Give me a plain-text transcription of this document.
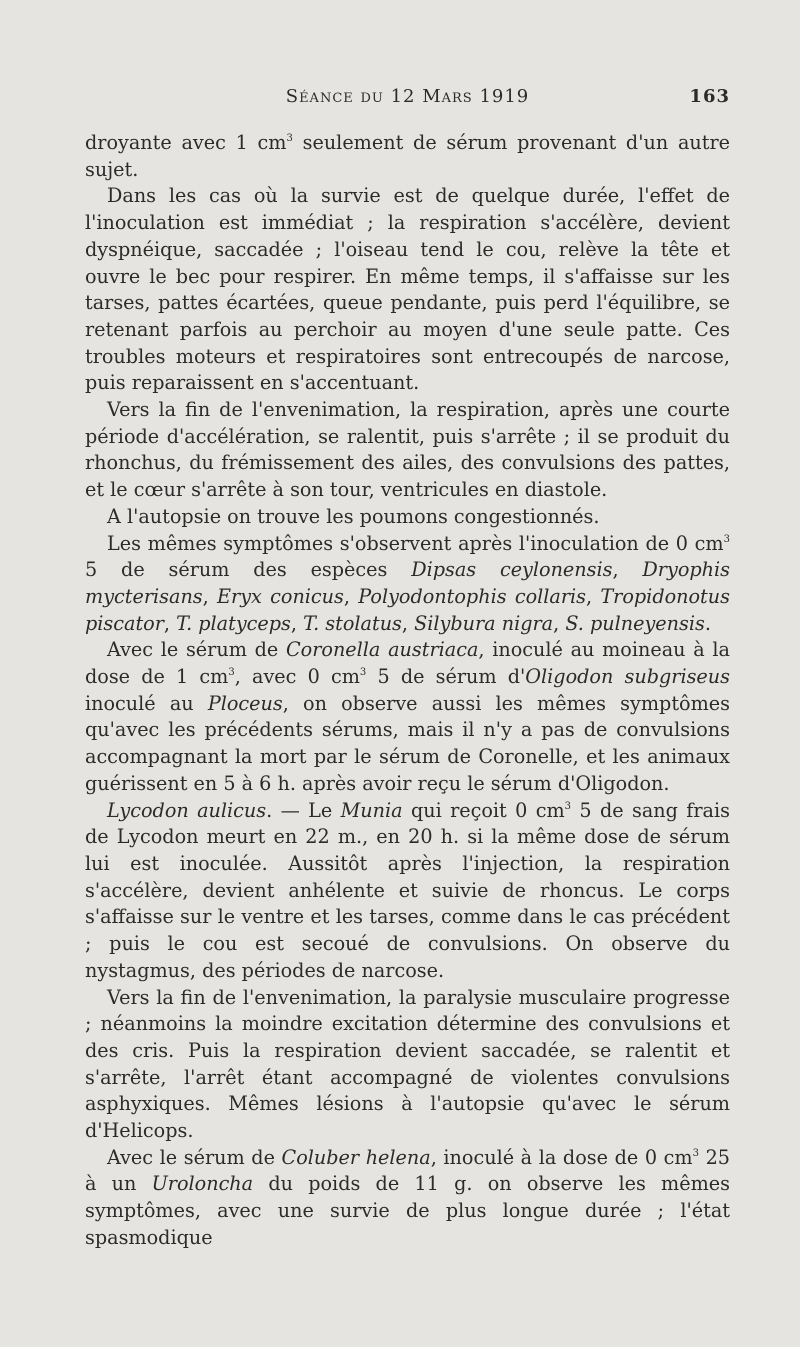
Séance du 12 Mars 1919	163

droyante avec 1 $cm^3$ seulement de sérum provenant d'un autre sujet.

Dans les cas où la survie est de quelque durée, l'effet de l'inoculation est immédiat ; la respiration s'accélère, devient dyspnéique, saccadée ; l'oiseau tend le cou, relève la tête et ouvre le bec pour respirer. En même temps, il s'affaisse sur les tarses, pattes écartées, queue pendante, puis perd l'équilibre, se retenant parfois au perchoir au moyen d'une seule patte. Ces troubles moteurs et respiratoires sont entrecoupés de narcose, puis reparaissent en s'accentuant.

Vers la fin de l'envenimation, la respiration, après une courte période d'accélération, se ralentit, puis s'arrête ; il se produit du rhonchus, du frémissement des ailes, des convulsions des pattes, et le cœur s'arrête à son tour, ventricules en diastole.

A l'autopsie on trouve les poumons congestionnés.

Les mêmes symptômes s'observent après l'inoculation de 0 $cm^3$ 5 de sérum des espèces Dipsas ceylonensis, Dryophis mycterisans, Eryx conicus, Polyodontophis collaris, Tropidonotus piscator, T. platyceps, T. stolatus, Silybura nigra, S. pulneyensis.

Avec le sérum de Coronella austriaca, inoculé au moineau à la dose de 1 $cm^3$, avec 0 $cm^3$ 5 de sérum d'Oligodon subgriseus inoculé au Ploceus, on observe aussi les mêmes symptômes qu'avec les précédents sérums, mais il n'y a pas de convulsions accompagnant la mort par le sérum de Coronelle, et les animaux guérissent en 5 à 6 h. après avoir reçu le sérum d'Oligodon.

Lycodon aulicus. — Le Munia qui reçoit 0 $cm^3$ 5 de sang frais de Lycodon meurt en 22 m., en 20 h. si la même dose de sérum lui est inoculée. Aussitôt après l'injection, la respiration s'accélère, devient anhélente et suivie de rhoncus. Le corps s'affaisse sur le ventre et les tarses, comme dans le cas précédent ; puis le cou est secoué de convulsions. On observe du nystagmus, des périodes de narcose.

Vers la fin de l'envenimation, la paralysie musculaire progresse ; néanmoins la moindre excitation détermine des convulsions et des cris. Puis la respiration devient saccadée, se ralentit et s'arrête, l'arrêt étant accompagné de violentes convulsions asphyxiques. Mêmes lésions à l'autopsie qu'avec le sérum d'Helicops.

Avec le sérum de Coluber helena, inoculé à la dose de 0 $cm^3$ 25 à un Uroloncha du poids de 11 g. on observe les mêmes symptômes, avec une survie de plus longue durée ; l'état spasmodique
